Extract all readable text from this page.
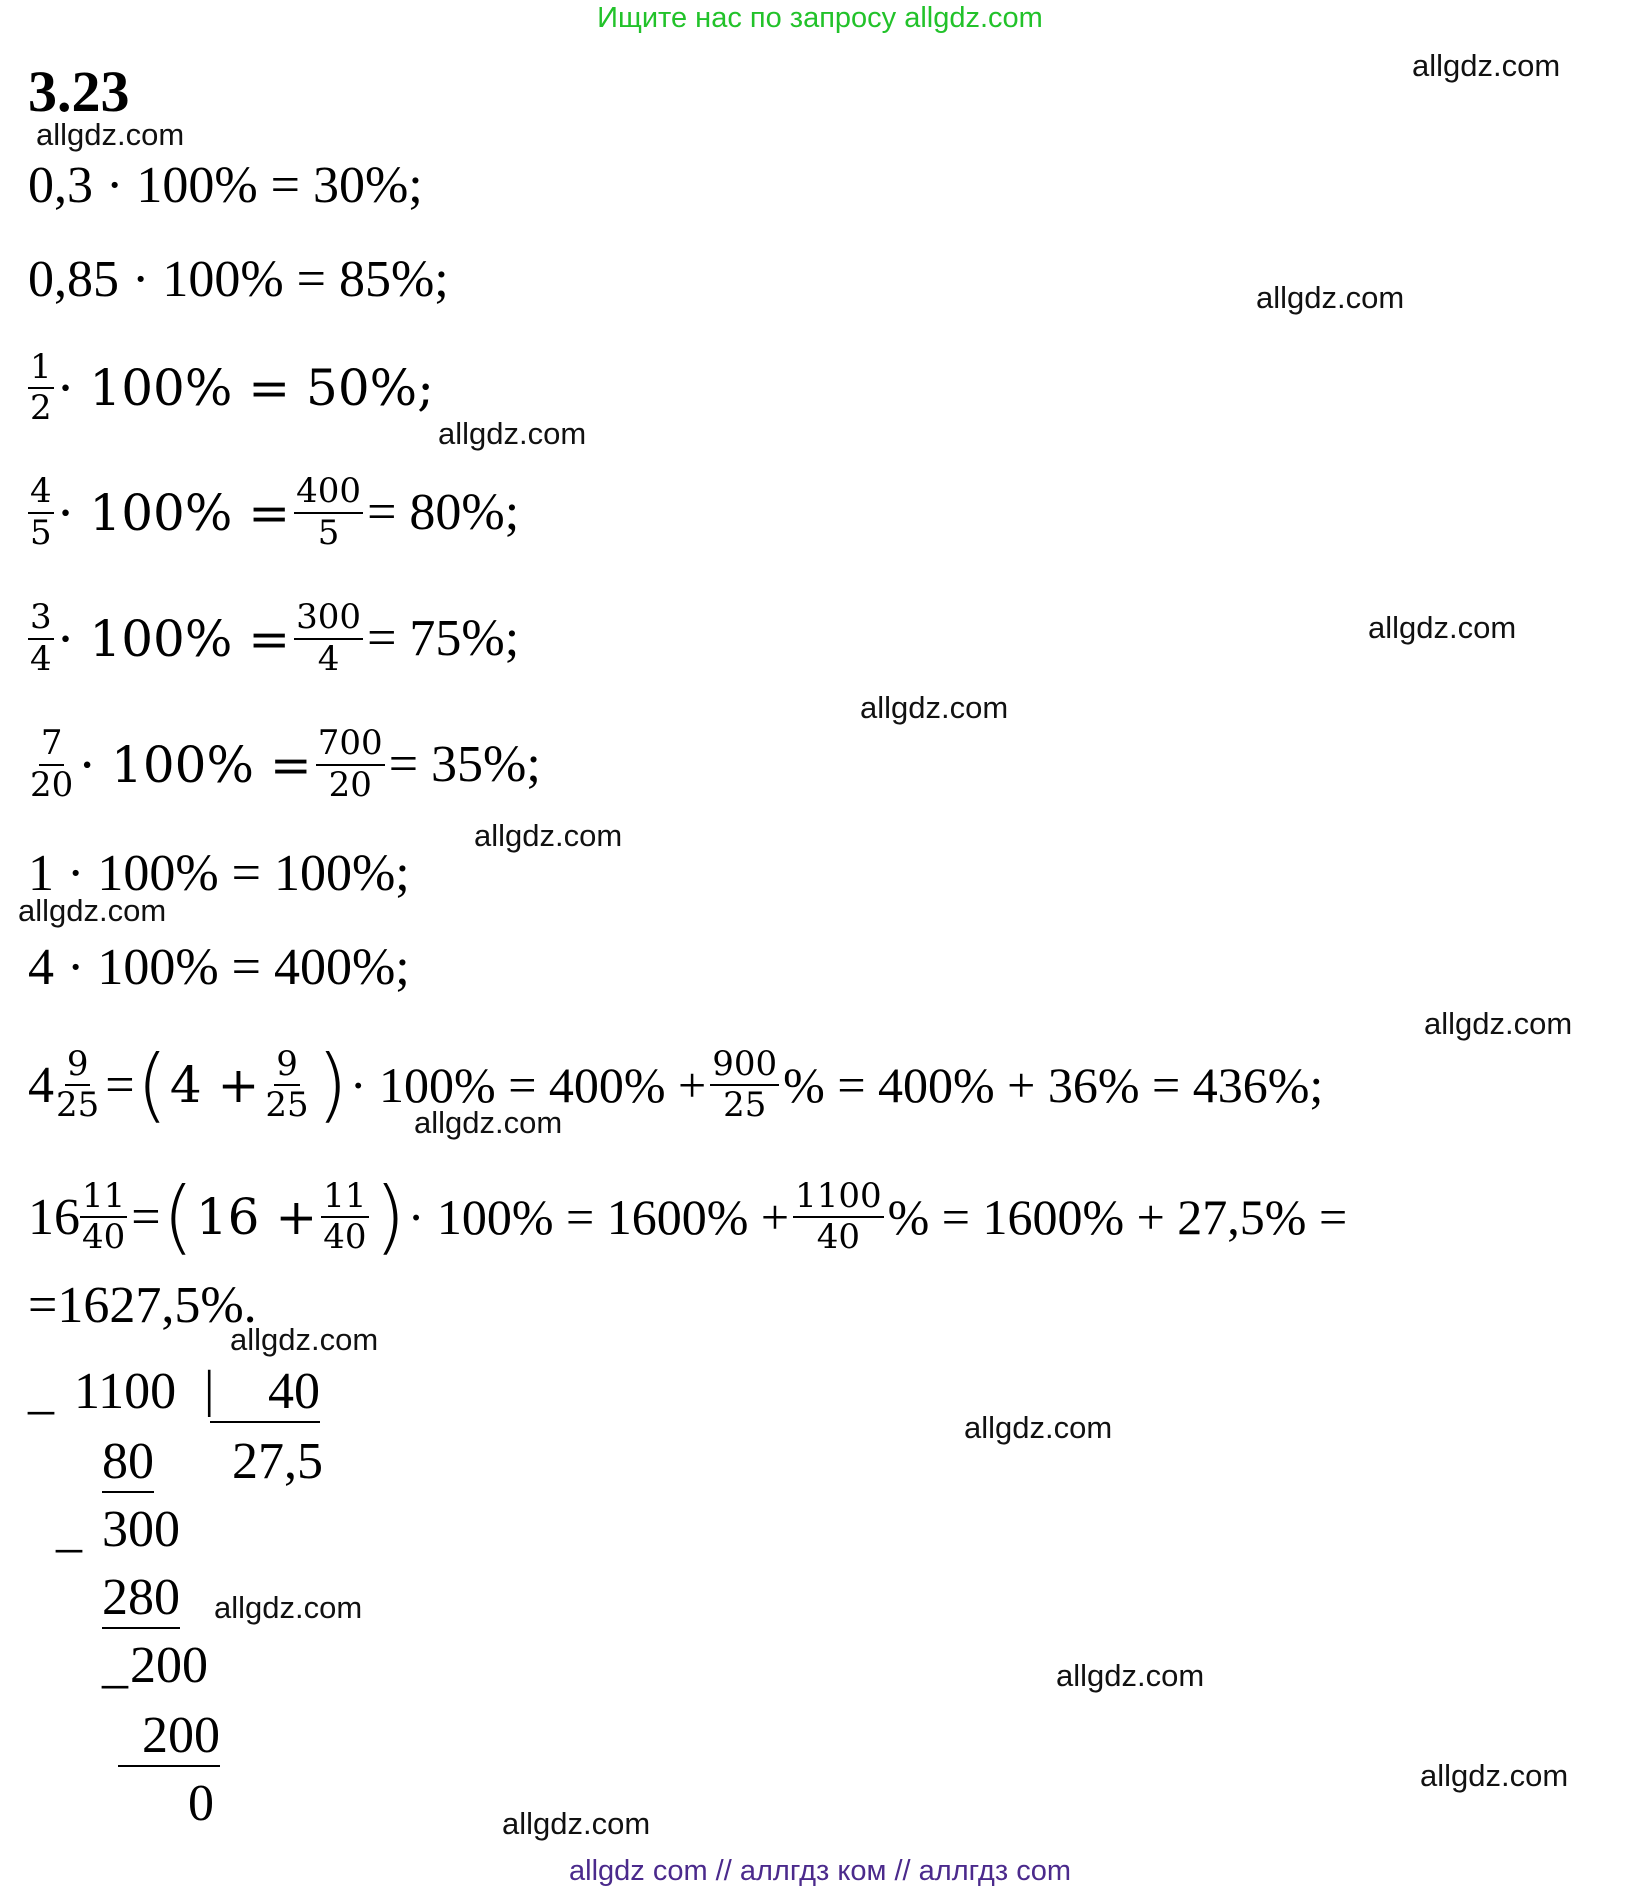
Ищите нас по запросу allgdz.com
3.23	allgdz.com
allgdz.com
allgdz.com
allgdz.com
allgdz.com
allgdz.com
allgdz.com
allgdz.com
allgdz.com
allgdz.com
allgdz.com
allgdz.com
allgdz.com
allgdz.com
allgdz.com
allgdz.com
0,3 · 100% = 30%;
0,85 · 100% = 85%;
$\frac{1}{2} \cdot 100\% = 50\%$;
$\frac{4}{5} \cdot 100\% = \frac{400}{5} = 80\%$;
$\frac{3}{4} \cdot 100\% = \frac{300}{4} = 75\%$;
$\frac{7}{20} \cdot 100\% = \frac{700}{20} = 35\%$;
1 · 100% = 100%;
4 · 100% = 400%;
$4 \frac{9}{25}$ = ( $4 + \frac{9}{25}$ ) · $100\% = 400\% + \frac{900}{25}$ % = 400% + 36% = 436%;
$16 \frac{11}{40}$ = ( $16 + \frac{11}{40}$ ) · $100\% = 1600\% + \frac{1100}{40}$ % = 1600% + 27,5% =
=1627,5%.
_ 1100 |	40
80 27,5
_ 300
280
_ 200
200
0
allgdz com // аллгдз ком // аллгдз com
